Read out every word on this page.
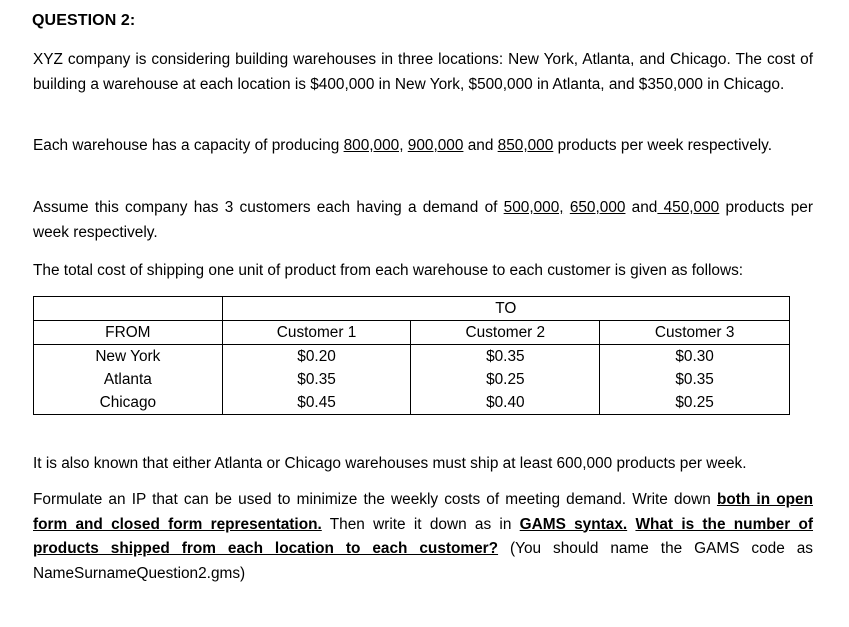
QUESTION 2:
XYZ company is considering building warehouses in three locations: New York, Atlanta, and Chicago. The cost of building a warehouse at each location is $400,000 in New York, $500,000 in Atlanta, and $350,000 in Chicago.
Each warehouse has a capacity of producing 800,000, 900,000 and 850,000 products per week respectively.
Assume this company has 3 customers each having a demand of 500,000, 650,000 and 450,000 products per week respectively.
The total cost of shipping one unit of product from each warehouse to each customer is given as follows:
	TO		
FROM	Customer 1	Customer 2	Customer 3
New York	$0.20	$0.35	$0.30
Atlanta	$0.35	$0.25	$0.35
Chicago	$0.45	$0.40	$0.25
It is also known that either Atlanta or Chicago warehouses must ship at least 600,000 products per week.
Formulate an IP that can be used to minimize the weekly costs of meeting demand. Write down both in open form and closed form representation. Then write it down as in GAMS syntax. What is the number of products shipped from each location to each customer? (You should name the GAMS code as NameSurnameQuestion2.gms)
